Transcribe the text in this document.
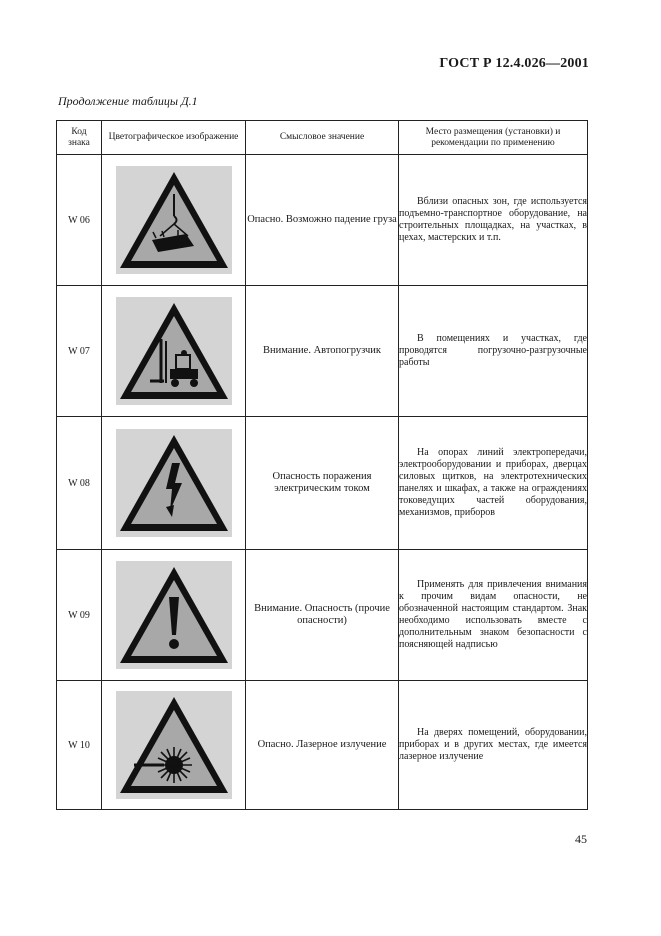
ГОСТ Р 12.4.026—2001
Продолжение таблицы Д.1
Код знака	Цветографическое изображение	Смысловое значение	Место размещения (установки) и рекомендации по применению
W 06		Опасно. Возможно падение груза	Вблизи опасных зон, где используется подъемно-транспортное оборудование, на строительных площадках, на участках, в цехах, мастерских и т.п.

W 07		Внимание. Автопогрузчик	В помещениях и участках, где проводятся погрузочно-разгрузочные работы

W 08		Опасность поражения электрическим током	На опорах линий электропередачи, электрооборудовании и приборах, дверцах силовых щитков, на электротехнических панелях и шкафах, а также на ограждениях токоведущих частей оборудования, механизмов, приборов

W 09		Внимание. Опасность (прочие опасности)	Применять для привлечения внимания к прочим видам опасности, не обозначенной настоящим стандартом. Знак необходимо использовать вместе с дополнительным знаком безопасности с поясняющей надписью

W 10		Опасно. Лазерное излучение	На дверях помещений, оборудовании, приборах и в других местах, где имеется лазерное излучение
45
